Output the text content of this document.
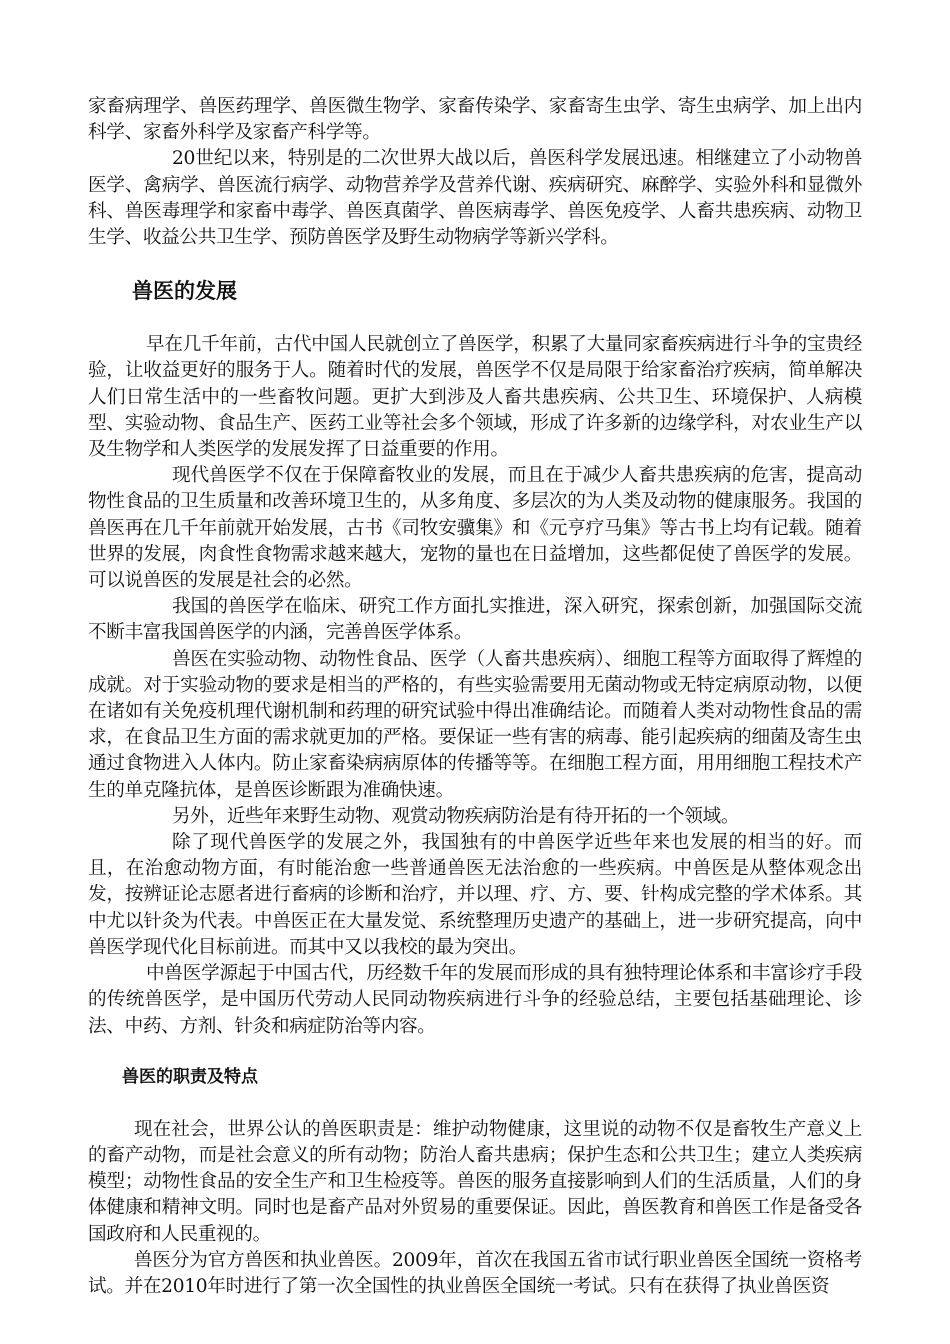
家畜病理学、兽医药理学、兽医微生物学、家畜传染学、家畜寄生虫学、寄生虫病学、加上出内科学、家畜外科学及家畜产科学等。

20世纪以来，特别是的二次世界大战以后，兽医科学发展迅速。相继建立了小动物兽医学、禽病学、兽医流行病学、动物营养学及营养代谢、疾病研究、麻醉学、实验外科和显微外科、兽医毒理学和家畜中毒学、兽医真菌学、兽医病毒学、兽医免疫学、人畜共患疾病、动物卫生学、收益公共卫生学、预防兽医学及野生动物病学等新兴学科。

兽医的发展

早在几千年前，古代中国人民就创立了兽医学，积累了大量同家畜疾病进行斗争的宝贵经验，让收益更好的服务于人。随着时代的发展，兽医学不仅是局限于给家畜治疗疾病，简单解决人们日常生活中的一些畜牧问题。更扩大到涉及人畜共患疾病、公共卫生、环境保护、人病模型、实验动物、食品生产、医药工业等社会多个领域，形成了许多新的边缘学科，对农业生产以及生物学和人类医学的发展发挥了日益重要的作用。

现代兽医学不仅在于保障畜牧业的发展，而且在于减少人畜共患疾病的危害，提高动物性食品的卫生质量和改善环境卫生的，从多角度、多层次的为人类及动物的健康服务。我国的兽医再在几千年前就开始发展，古书《司牧安骥集》和《元亨疗马集》等古书上均有记载。随着世界的发展，肉食性食物需求越来越大，宠物的量也在日益增加，这些都促使了兽医学的发展。可以说兽医的发展是社会的必然。

我国的兽医学在临床、研究工作方面扎实推进，深入研究，探索创新，加强国际交流不断丰富我国兽医学的内涵，完善兽医学体系。

兽医在实验动物、动物性食品、医学（人畜共患疾病）、细胞工程等方面取得了辉煌的成就。对于实验动物的要求是相当的严格的，有些实验需要用无菌动物或无特定病原动物，以便在诸如有关免疫机理代谢机制和药理的研究试验中得出准确结论。而随着人类对动物性食品的需求，在食品卫生方面的需求就更加的严格。要保证一些有害的病毒、能引起疾病的细菌及寄生虫通过食物进入人体内。防止家畜染病病原体的传播等等。在细胞工程方面，用用细胞工程技术产生的单克隆抗体，是兽医诊断跟为准确快速。

另外，近些年来野生动物、观赏动物疾病防治是有待开拓的一个领域。

除了现代兽医学的发展之外，我国独有的中兽医学近些年来也发展的相当的好。而且，在治愈动物方面，有时能治愈一些普通兽医无法治愈的一些疾病。中兽医是从整体观念出发，按辨证论志愿者进行畜病的诊断和治疗，并以理、疗、方、要、针构成完整的学术体系。其中尤以针灸为代表。中兽医正在大量发觉、系统整理历史遗产的基础上，进一步研究提高，向中兽医学现代化目标前进。而其中又以我校的最为突出。

中兽医学源起于中国古代，历经数千年的发展而形成的具有独特理论体系和丰富诊疗手段的传统兽医学，是中国历代劳动人民同动物疾病进行斗争的经验总结，主要包括基础理论、诊法、中药、方剂、针灸和病症防治等内容。

兽医的职责及特点

现在社会，世界公认的兽医职责是：维护动物健康，这里说的动物不仅是畜牧生产意义上的畜产动物，而是社会意义的所有动物；防治人畜共患病；保护生态和公共卫生；建立人类疾病模型；动物性食品的安全生产和卫生检疫等。兽医的服务直接影响到人们的生活质量，人们的身体健康和精神文明。同时也是畜产品对外贸易的重要保证。因此，兽医教育和兽医工作是备受各国政府和人民重视的。

兽医分为官方兽医和执业兽医。2009年，首次在我国五省市试行职业兽医全国统一资格考试。并在2010年时进行了第一次全国性的执业兽医全国统一考试。只有在获得了执业兽医资
